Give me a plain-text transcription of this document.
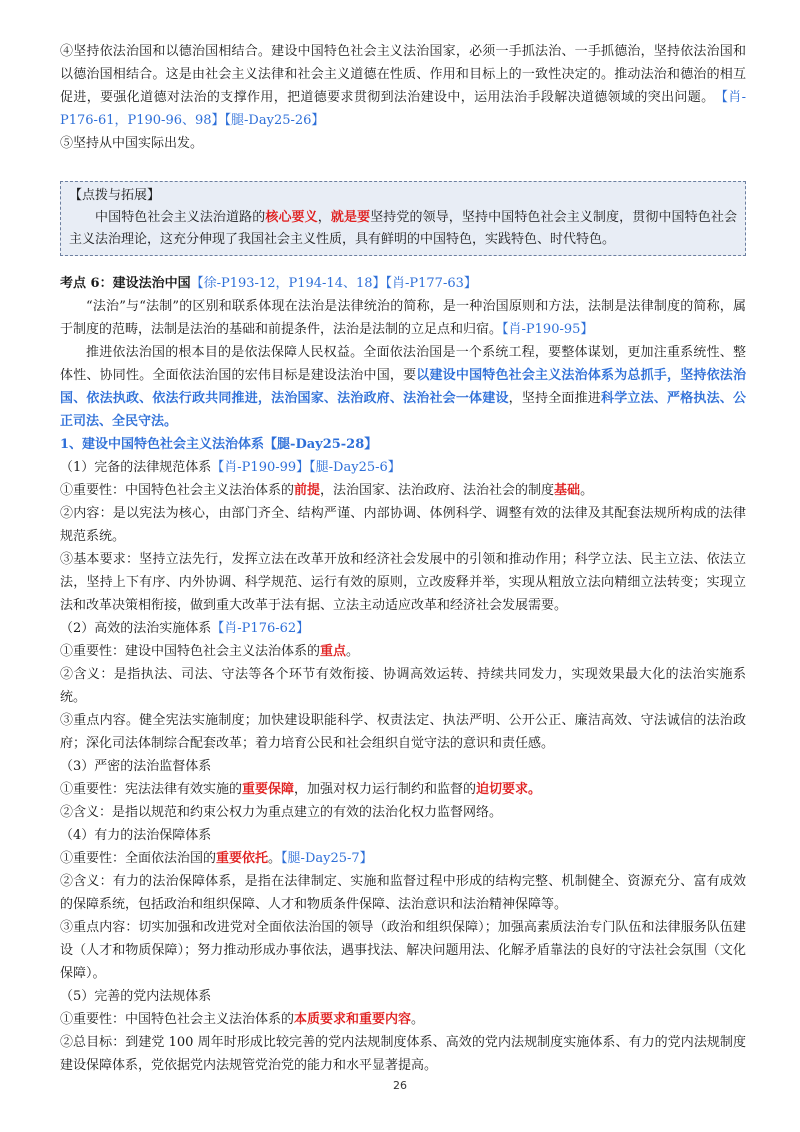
④坚持依法治国和以德治国相结合。建设中国特色社会主义法治国家，必须一手抓法治、一手抓德治，坚持依法治国和以德治国相结合。这是由社会主义法律和社会主义道德在性质、作用和目标上的一致性决定的。推动法治和德治的相互促进，要强化道德对法治的支撑作用，把道德要求贯彻到法治建设中，运用法治手段解决道德领域的突出问题。　 【肖-P176-61，P190-96、98】【腿-Day25-26】

⑤坚持从中国实际出发。

【点拨与拓展】

中国特色社会主义法治道路的核心要义，就是要坚持党的领导，坚持中国特色社会主义制度，贯彻中国特色社会主义法治理论，这充分伸现了我国社会主义性质，具有鲜明的中国特色，实践特色、时代特色。

考点 6：建设法治中国【徐-P193-12，P194-14、18】【肖-P177-63】

“法治”与“法制”的区别和联系体现在法治是法律统治的简称，是一种治国原则和方法，法制是法律制度的简称，属于制度的范畴，法制是法治的基础和前提条件，法治是法制的立足点和归宿。【肖-P190-95】

推进依法治国的根本目的是依法保障人民权益。全面依法治国是一个系统工程，要整体谋划，更加注重系统性、整体性、协同性。全面依法治国的宏伟目标是建设法治中国，要以建设中国特色社会主义法治体系为总抓手，坚持依法治国、依法执政、依法行政共同推进，法治国家、法治政府、法治社会一体建设，坚持全面推进科学立法、严格执法、公正司法、全民守法。

1、建设中国特色社会主义法治体系【腿-Day25-28】

（1）完备的法律规范体系【肖-P190-99】【腿-Day25-6】

①重要性：中国特色社会主义法治体系的前提，法治国家、法治政府、法治社会的制度基础。

②内容：是以宪法为核心，由部门齐全、结构严谨、内部协调、体例科学、调整有效的法律及其配套法规所构成的法律规范系统。

③基本要求：坚持立法先行，发挥立法在改革开放和经济社会发展中的引领和推动作用；科学立法、民主立法、依法立法，坚持上下有序、内外协调、科学规范、运行有效的原则，立改废释并举，实现从粗放立法向精细立法转变；实现立法和改革决策相衔接，做到重大改革于法有据、立法主动适应改革和经济社会发展需要。

（2）高效的法治实施体系【肖-P176-62】

①重要性：建设中国特色社会主义法治体系的重点。

②含义：是指执法、司法、守法等各个环节有效衔接、协调高效运转、持续共同发力，实现效果最大化的法治实施系统。

③重点内容。健全宪法实施制度；加快建设职能科学、权责法定、执法严明、公开公正、廉洁高效、守法诚信的法治政府；深化司法体制综合配套改革；着力培育公民和社会组织自觉守法的意识和责任感。

（3）严密的法治监督体系

①重要性：宪法法律有效实施的重要保障，加强对权力运行制约和监督的迫切要求。

②含义：是指以规范和约束公权力为重点建立的有效的法治化权力监督网络。

（4）有力的法治保障体系

①重要性：全面依法治国的重要依托。【腿-Day25-7】

②含义：有力的法治保障体系，是指在法律制定、实施和监督过程中形成的结构完整、机制健全、资源充分、富有成效的保障系统，包括政治和组织保障、人才和物质条件保障、法治意识和法治精神保障等。

③重点内容：切实加强和改进党对全面依法治国的领导（政治和组织保障）；加强高素质法治专门队伍和法律服务队伍建设（人才和物质保障）；努力推动形成办事依法，遇事找法、解决问题用法、化解矛盾靠法的良好的守法社会氛围（文化保障）。

（5）完善的党内法规体系

①重要性：中国特色社会主义法治体系的本质要求和重要内容。

②总目标：到建党 100 周年时形成比较完善的党内法规制度体系、高效的党内法规制度实施体系、有力的党内法规制度建设保障体系，党依据党内法规管党治党的能力和水平显著提高。

26
